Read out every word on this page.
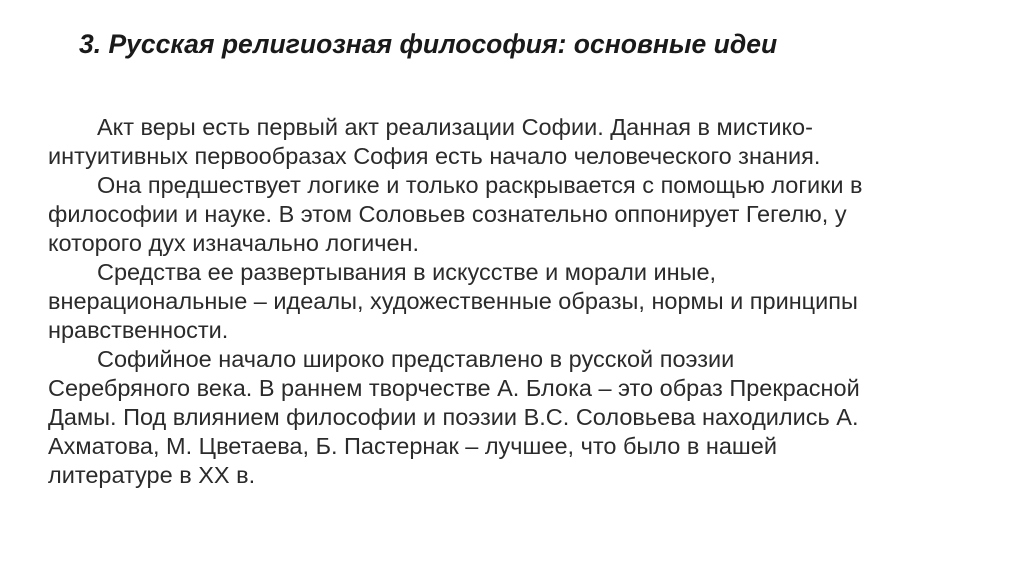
3. Русская религиозная философия: основные идеи
Акт веры есть первый акт реализации Софии. Данная в мистико-
интуитивных первообразах София есть начало человеческого знания.
Она предшествует логике и только раскрывается с помощью логики в
философии и науке. В этом Соловьев сознательно оппонирует Гегелю, у
которого дух изначально логичен.
Средства ее развертывания в искусстве и морали иные,
внерациональные – идеалы, художественные образы, нормы и принципы
нравственности.
Софийное начало широко представлено в русской поэзии
Серебряного века. В раннем творчестве А. Блока – это образ Прекрасной
Дамы. Под влиянием философии и поэзии В.С. Соловьева находились А.
Ахматова, М. Цветаева, Б. Пастернак – лучшее, что было в нашей
литературе в ХХ в.
